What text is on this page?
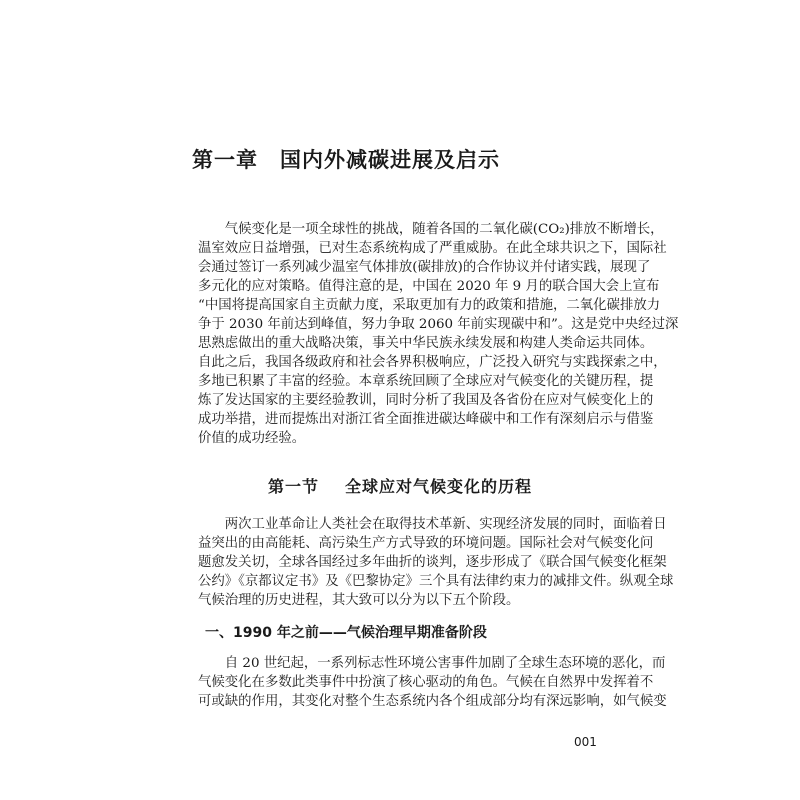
第一章 国内外减碳进展及启示

　　气候变化是一项全球性的挑战，随着各国的二氧化碳(CO₂)排放不断增长，

温室效应日益增强，已对生态系统构成了严重威胁。在此全球共识之下，国际社

会通过签订一系列减少温室气体排放(碳排放)的合作协议并付诸实践，展现了

多元化的应对策略。值得注意的是，中国在 2020 年 9 月的联合国大会上宣布

“中国将提高国家自主贡献力度，采取更加有力的政策和措施，二氧化碳排放力

争于 2030 年前达到峰值，努力争取 2060 年前实现碳中和”。这是党中央经过深

思熟虑做出的重大战略决策，事关中华民族永续发展和构建人类命运共同体。

自此之后，我国各级政府和社会各界积极响应，广泛投入研究与实践探索之中，

多地已积累了丰富的经验。本章系统回顾了全球应对气候变化的关键历程，提

炼了发达国家的主要经验教训，同时分析了我国及各省份在应对气候变化上的

成功举措，进而提炼出对浙江省全面推进碳达峰碳中和工作有深刻启示与借鉴

价值的成功经验。

第一节 全球应对气候变化的历程

　　两次工业革命让人类社会在取得技术革新、实现经济发展的同时，面临着日

益突出的由高能耗、高污染生产方式导致的环境问题。国际社会对气候变化问

题愈发关切，全球各国经过多年曲折的谈判，逐步形成了《联合国气候变化框架

公约》《京都议定书》及《巴黎协定》三个具有法律约束力的减排文件。纵观全球

气候治理的历史进程，其大致可以分为以下五个阶段。

一、1990 年之前——气候治理早期准备阶段

　　自 20 世纪起，一系列标志性环境公害事件加剧了全球生态环境的恶化，而

气候变化在多数此类事件中扮演了核心驱动的角色。气候在自然界中发挥着不

可或缺的作用，其变化对整个生态系统内各个组成部分均有深远影响，如气候变

001
